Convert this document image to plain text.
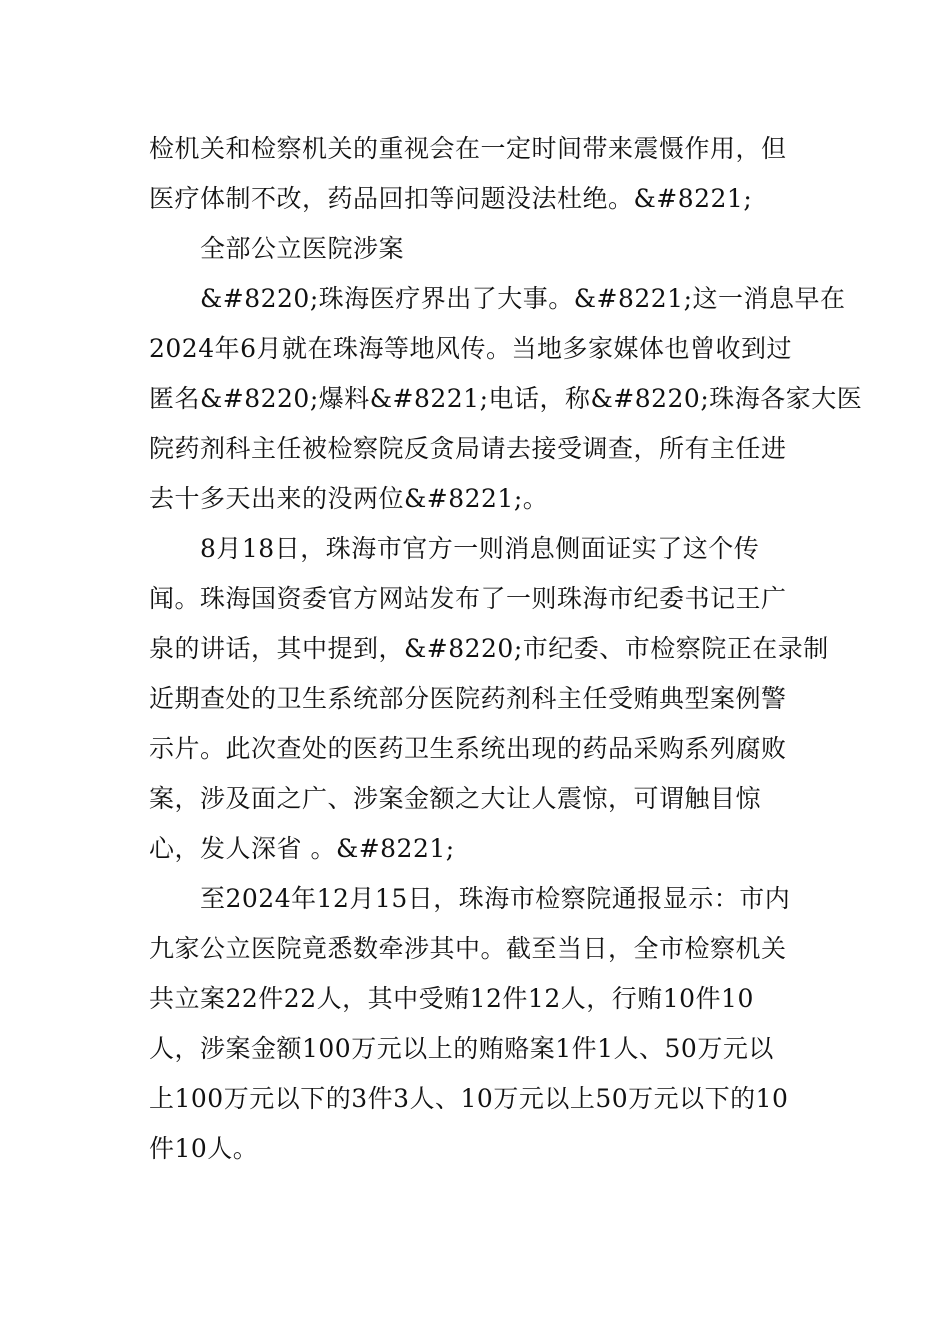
检机关和检察机关的重视会在一定时间带来震慑作用，但
医疗体制不改，药品回扣等问题没法杜绝。&#8221;
全部公立医院涉案
&#8220;珠海医疗界出了大事。&#8221;这一消息早在
2024年6月就在珠海等地风传。当地多家媒体也曾收到过
匿名&#8220;爆料&#8221;电话，称&#8220;珠海各家大医
院药剂科主任被检察院反贪局请去接受调查，所有主任进
去十多天出来的没两位&#8221;。
8月18日，珠海市官方一则消息侧面证实了这个传
闻。珠海国资委官方网站发布了一则珠海市纪委书记王广
泉的讲话，其中提到，&#8220;市纪委、市检察院正在录制
近期查处的卫生系统部分医院药剂科主任受贿典型案例警
示片。此次查处的医药卫生系统出现的药品采购系列腐败
案，涉及面之广、涉案金额之大让人震惊，可谓触目惊
心，发人深省 。&#8221;
至2024年12月15日，珠海市检察院通报显示：市内
九家公立医院竟悉数牵涉其中。截至当日，全市检察机关
共立案22件22人，其中受贿12件12人，行贿10件10
人，涉案金额100万元以上的贿赂案1件1人、50万元以
上100万元以下的3件3人、10万元以上50万元以下的10
件10人。
